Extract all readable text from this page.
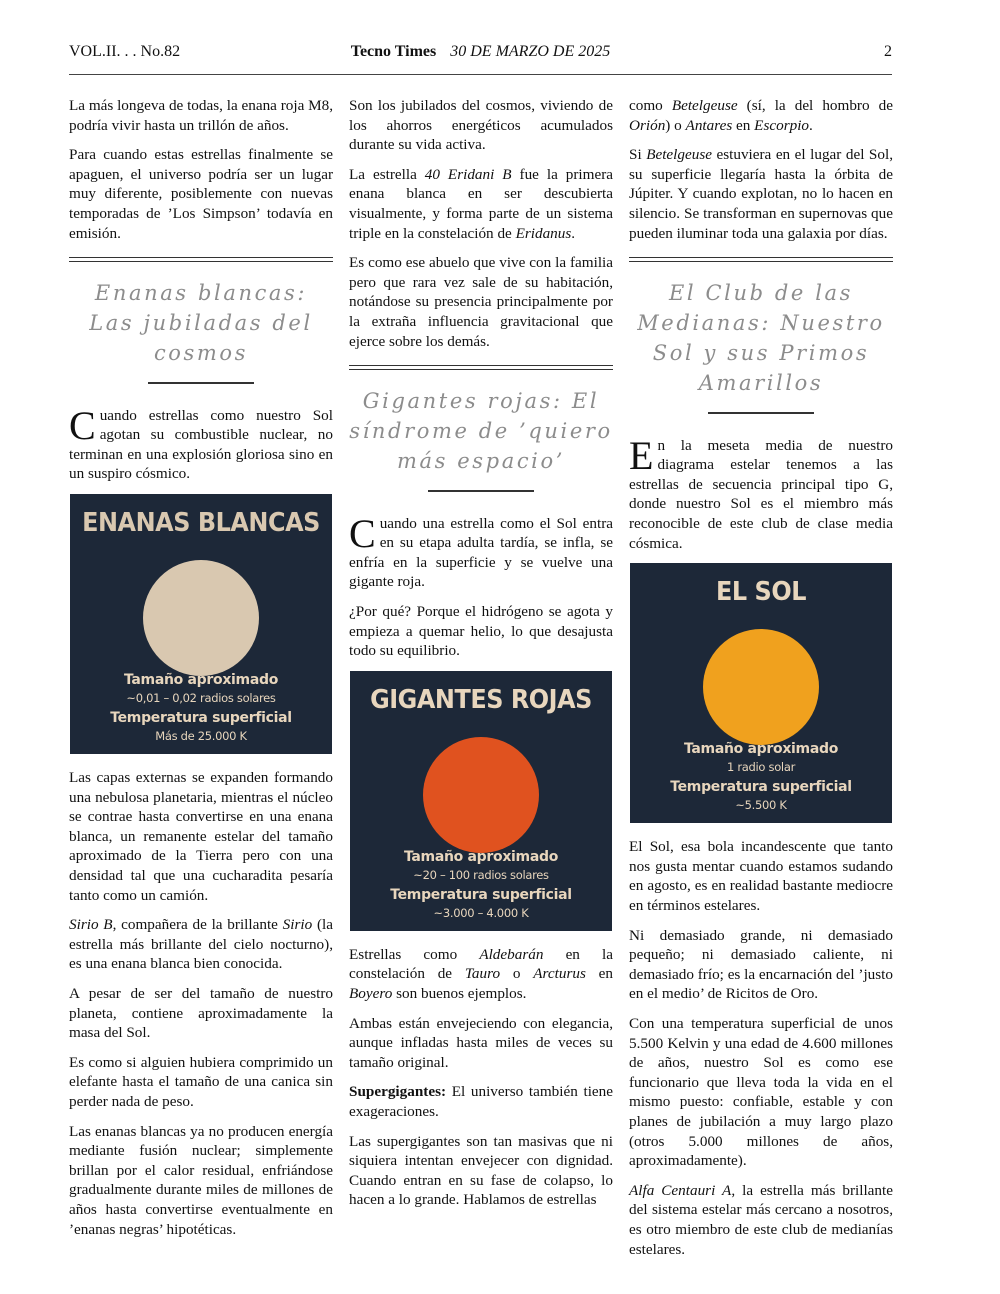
VOL.II. . . No.82	Tecno Times 30 DE MARZO DE 2025	2

La más longeva de todas, la enana roja M8, podría vivir hasta un trillón de años.

Para cuando estas estrellas finalmente se apaguen, el universo podría ser un lugar muy diferente, posiblemente con nuevas temporadas de ’Los Simpson’ todavía en emisión.

Enanas blancas: Las jubiladas del cosmos

Cuando estrellas como nuestro Sol agotan su combustible nuclear, no terminan en una explosión gloriosa sino en un suspiro cósmico.

ENANAS BLANCAS
Tamaño aproximado
~0,01 – 0,02 radios solares
Temperatura superficial
Más de 25.000 K

Las capas externas se expanden formando una nebulosa planetaria, mientras el núcleo se contrae hasta convertirse en una enana blanca, un remanente estelar del tamaño aproximado de la Tierra pero con una densidad tal que una cucharadita pesaría tanto como un camión.

Sirio B, compañera de la brillante Sirio (la estrella más brillante del cielo nocturno), es una enana blanca bien conocida.

A pesar de ser del tamaño de nuestro planeta, contiene aproximadamente la masa del Sol.

Es como si alguien hubiera comprimido un elefante hasta el tamaño de una canica sin perder nada de peso.

Las enanas blancas ya no producen energía mediante fusión nuclear; simplemente brillan por el calor residual, enfriándose gradualmente durante miles de millones de años hasta convertirse eventualmente en ’enanas negras’ hipotéticas.

Son los jubilados del cosmos, viviendo de los ahorros energéticos acumulados durante su vida activa.

La estrella 40 Eridani B fue la primera enana blanca en ser descubierta visualmente, y forma parte de un sistema triple en la constelación de Eridanus.

Es como ese abuelo que vive con la familia pero que rara vez sale de su habitación, notándose su presencia principalmente por la extraña influencia gravitacional que ejerce sobre los demás.

Gigantes rojas: El síndrome de ’quiero más espacio’

Cuando una estrella como el Sol entra en su etapa adulta tardía, se infla, se enfría en la superficie y se vuelve una gigante roja.

¿Por qué? Porque el hidrógeno se agota y empieza a quemar helio, lo que desajusta todo su equilibrio.

GIGANTES ROJAS
Tamaño aproximado
~20 – 100 radios solares
Temperatura superficial
~3.000 – 4.000 K

Estrellas como Aldebarán en la constelación de Tauro o Arcturus en Boyero son buenos ejemplos.

Ambas están envejeciendo con elegancia, aunque infladas hasta miles de veces su tamaño original.

Supergigantes: El universo también tiene exageraciones.

Las supergigantes son tan masivas que ni siquiera intentan envejecer con dignidad. Cuando entran en su fase de colapso, lo hacen a lo grande. Hablamos de estrellas

como Betelgeuse (sí, la del hombro de Orión) o Antares en Escorpio.

Si Betelgeuse estuviera en el lugar del Sol, su superficie llegaría hasta la órbita de Júpiter. Y cuando explotan, no lo hacen en silencio. Se transforman en supernovas que pueden iluminar toda una galaxia por días.

El Club de las Medianas: Nuestro Sol y sus Primos Amarillos

En la meseta media de nuestro diagrama estelar tenemos a las estrellas de secuencia principal tipo G, donde nuestro Sol es el miembro más reconocible de este club de clase media cósmica.

EL SOL
Tamaño aproximado
1 radio solar
Temperatura superficial
~5.500 K

El Sol, esa bola incandescente que tanto nos gusta mentar cuando estamos sudando en agosto, es en realidad bastante mediocre en términos estelares.

Ni demasiado grande, ni demasiado pequeño; ni demasiado caliente, ni demasiado frío; es la encarnación del ’justo en el medio’ de Ricitos de Oro.

Con una temperatura superficial de unos 5.500 Kelvin y una edad de 4.600 millones de años, nuestro Sol es como ese funcionario que lleva toda la vida en el mismo puesto: confiable, estable y con planes de jubilación a muy largo plazo (otros 5.000 millones de años, aproximadamente).

Alfa Centauri A, la estrella más brillante del sistema estelar más cercano a nosotros, es otro miembro de este club de medianías estelares.
